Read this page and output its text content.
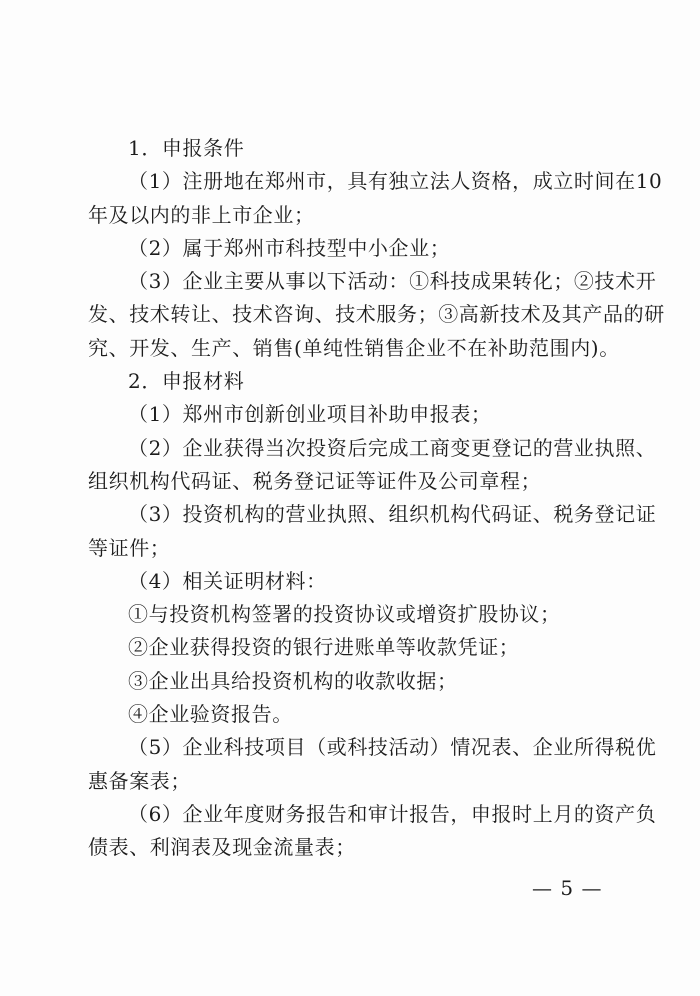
1．申报条件
（1）注册地在郑州市，具有独立法人资格，成立时间在10
年及以内的非上市企业；
（2）属于郑州市科技型中小企业；
（3）企业主要从事以下活动：①科技成果转化；②技术开
发、技术转让、技术咨询、技术服务；③高新技术及其产品的研
究、开发、生产、销售(单纯性销售企业不在补助范围内)。
2．申报材料
（1）郑州市创新创业项目补助申报表；
（2）企业获得当次投资后完成工商变更登记的营业执照、
组织机构代码证、税务登记证等证件及公司章程；
（3）投资机构的营业执照、组织机构代码证、税务登记证
等证件；
（4）相关证明材料：
①与投资机构签署的投资协议或增资扩股协议；
②企业获得投资的银行进账单等收款凭证；
③企业出具给投资机构的收款收据；
④企业验资报告。
（5）企业科技项目（或科技活动）情况表、企业所得税优
惠备案表；
（6）企业年度财务报告和审计报告，申报时上月的资产负
债表、利润表及现金流量表；
— 5 —
